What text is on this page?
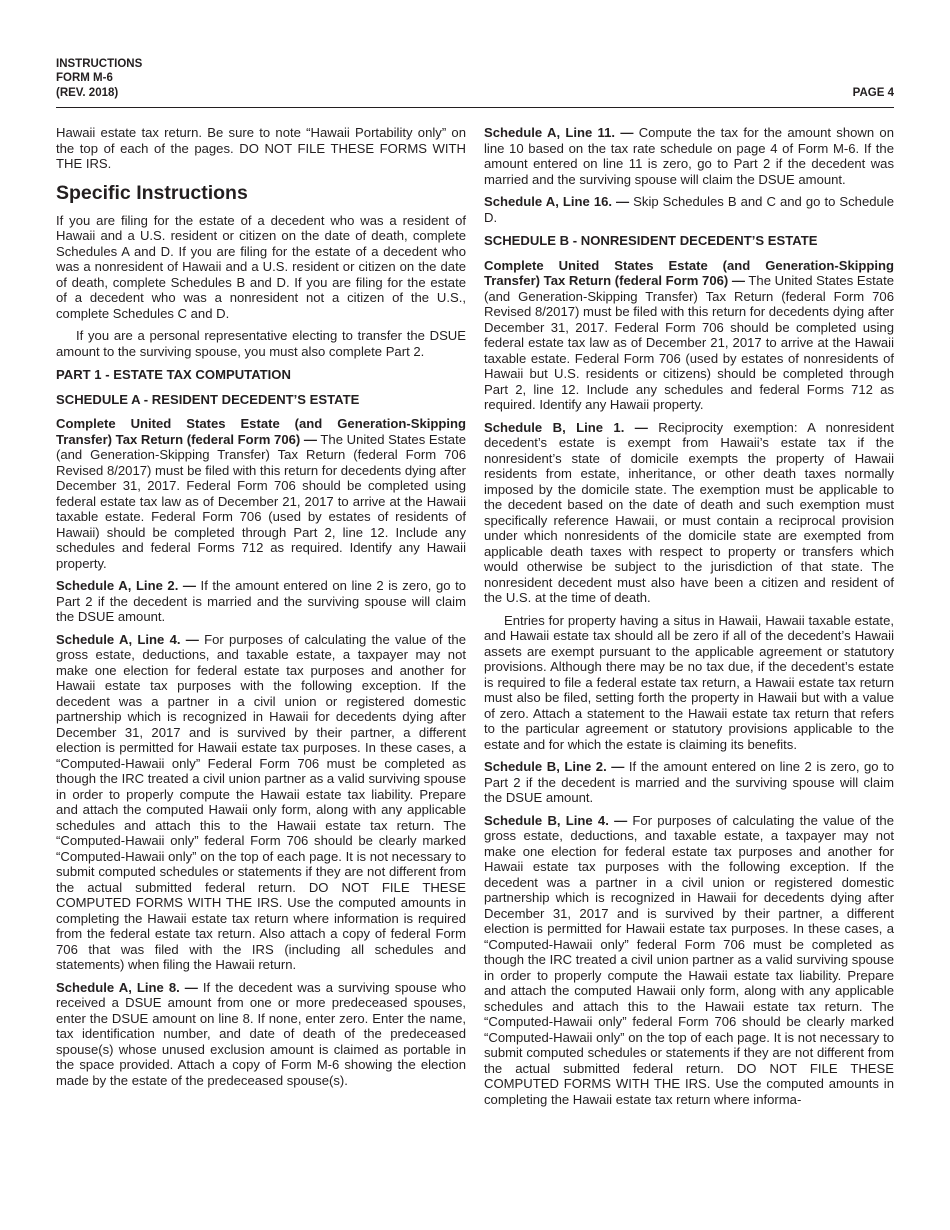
INSTRUCTIONS
FORM M-6
(REV. 2018)	PAGE 4

Hawaii estate tax return. Be sure to note “Hawaii Portability only” on the top of each of the pages. DO NOT FILE THESE FORMS WITH THE IRS.

Specific Instructions

If you are filing for the estate of a decedent who was a resident of Hawaii and a U.S. resident or citizen on the date of death, complete Schedules A and D. If you are filing for the estate of a decedent who was a nonresident of Hawaii and a U.S. resident or citizen on the date of death, complete Schedules B and D. If you are filing for the estate of a decedent who was a nonresident not a citizen of the U.S., complete Schedules C and D.

If you are a personal representative electing to transfer the DSUE amount to the surviving spouse, you must also complete Part 2.

PART 1 - ESTATE TAX COMPUTATION
SCHEDULE A - RESIDENT DECEDENT’S ESTATE

Complete United States Estate (and Generation-Skipping Transfer) Tax Return (federal Form 706) — The United States Estate (and Generation-Skipping Transfer) Tax Return (federal Form 706 Revised 8/2017) must be filed with this return for decedents dying after December 31, 2017. Federal Form 706 should be completed using federal estate tax law as of December 21, 2017 to arrive at the Hawaii taxable estate. Federal Form 706 (used by estates of residents of Hawaii) should be completed through Part 2, line 12. Include any schedules and federal Forms 712 as required. Identify any Hawaii property.

Schedule A, Line 2. — If the amount entered on line 2 is zero, go to Part 2 if the decedent is married and the surviving spouse will claim the DSUE amount.

Schedule A, Line 4. — For purposes of calculating the value of the gross estate, deductions, and taxable estate, a taxpayer may not make one election for federal estate tax purposes and another for Hawaii estate tax purposes with the following exception. If the decedent was a partner in a civil union or registered domestic partnership which is recognized in Hawaii for decedents dying after December 31, 2017 and is survived by their partner, a different election is permitted for Hawaii estate tax purposes. In these cases, a “Computed-Hawaii only” Federal Form 706 must be completed as though the IRC treated a civil union partner as a valid surviving spouse in order to properly compute the Hawaii estate tax liability. Prepare and attach the computed Hawaii only form, along with any applicable schedules and attach this to the Hawaii estate tax return. The “Computed-Hawaii only” federal Form 706 should be clearly marked “Computed-Hawaii only” on the top of each page. It is not necessary to submit computed schedules or statements if they are not different from the actual submitted federal return. DO NOT FILE THESE COMPUTED FORMS WITH THE IRS. Use the computed amounts in completing the Hawaii estate tax return where information is required from the federal estate tax return. Also attach a copy of federal Form 706 that was filed with the IRS (including all schedules and statements) when filing the Hawaii return.

Schedule A, Line 8. — If the decedent was a surviving spouse who received a DSUE amount from one or more predeceased spouses, enter the DSUE amount on line 8. If none, enter zero. Enter the name, tax identification number, and date of death of the predeceased spouse(s) whose unused exclusion amount is claimed as portable in the space provided. Attach a copy of Form M-6 showing the election made by the estate of the predeceased spouse(s).

Schedule A, Line 11. — Compute the tax for the amount shown on line 10 based on the tax rate schedule on page 4 of Form M-6. If the amount entered on line 11 is zero, go to Part 2 if the decedent was married and the surviving spouse will claim the DSUE amount.

Schedule A, Line 16. — Skip Schedules B and C and go to Schedule D.

SCHEDULE B - NONRESIDENT DECEDENT’S ESTATE

Complete United States Estate (and Generation-Skipping Transfer) Tax Return (federal Form 706) — The United States Estate (and Generation-Skipping Transfer) Tax Return (federal Form 706 Revised 8/2017) must be filed with this return for decedents dying after December 31, 2017. Federal Form 706 should be completed using federal estate tax law as of December 21, 2017 to arrive at the Hawaii taxable estate. Federal Form 706 (used by estates of nonresidents of Hawaii but U.S. residents or citizens) should be completed through Part 2, line 12. Include any schedules and federal Forms 712 as required. Identify any Hawaii property.

Schedule B, Line 1. — Reciprocity exemption: A nonresident decedent’s estate is exempt from Hawaii’s estate tax if the nonresident’s state of domicile exempts the property of Hawaii residents from estate, inheritance, or other death taxes normally imposed by the domicile state. The exemption must be applicable to the decedent based on the date of death and such exemption must specifically reference Hawaii, or must contain a reciprocal provision under which nonresidents of the domicile state are exempted from applicable death taxes with respect to property or transfers which would otherwise be subject to the jurisdiction of that state. The nonresident decedent must also have been a citizen and resident of the U.S. at the time of death.

Entries for property having a situs in Hawaii, Hawaii taxable estate, and Hawaii estate tax should all be zero if all of the decedent’s Hawaii assets are exempt pursuant to the applicable agreement or statutory provisions. Although there may be no tax due, if the decedent’s estate is required to file a federal estate tax return, a Hawaii estate tax return must also be filed, setting forth the property in Hawaii but with a value of zero. Attach a statement to the Hawaii estate tax return that refers to the particular agreement or statutory provisions applicable to the estate and for which the estate is claiming its benefits.

Schedule B, Line 2. — If the amount entered on line 2 is zero, go to Part 2 if the decedent is married and the surviving spouse will claim the DSUE amount.

Schedule B, Line 4. — For purposes of calculating the value of the gross estate, deductions, and taxable estate, a taxpayer may not make one election for federal estate tax purposes and another for Hawaii estate tax purposes with the following exception. If the decedent was a partner in a civil union or registered domestic partnership which is recognized in Hawaii for decedents dying after December 31, 2017 and is survived by their partner, a different election is permitted for Hawaii estate tax purposes. In these cases, a “Computed-Hawaii only” federal Form 706 must be completed as though the IRC treated a civil union partner as a valid surviving spouse in order to properly compute the Hawaii estate tax liability. Prepare and attach the computed Hawaii only form, along with any applicable schedules and attach this to the Hawaii estate tax return. The “Computed-Hawaii only” federal Form 706 should be clearly marked “Computed-Hawaii only” on the top of each page. It is not necessary to submit computed schedules or statements if they are not different from the actual submitted federal return. DO NOT FILE THESE COMPUTED FORMS WITH THE IRS. Use the computed amounts in completing the Hawaii estate tax return where informa-
